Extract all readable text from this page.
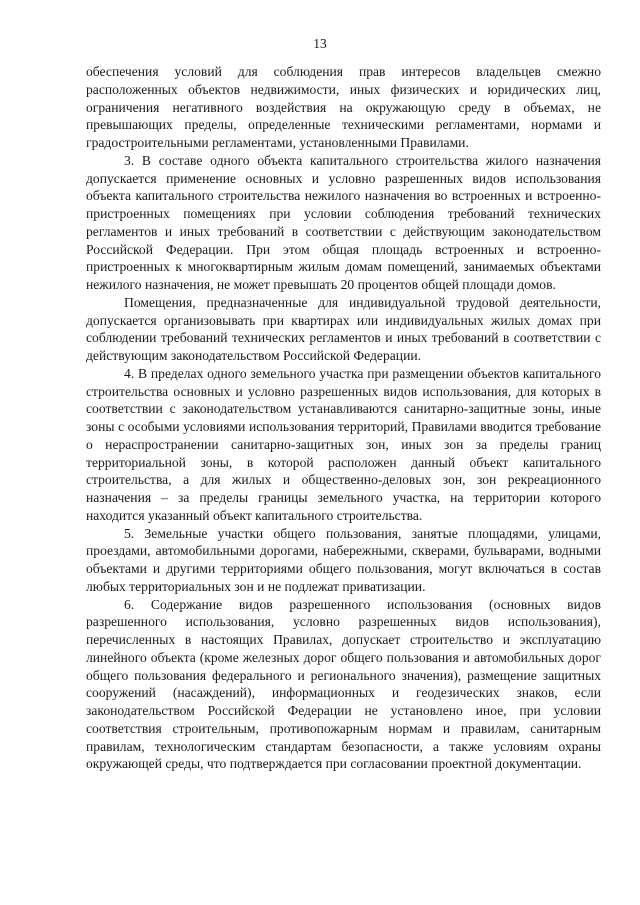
13

обеспечения условий для соблюдения прав интересов владельцев смежно расположенных объектов недвижимости, иных физических и юридических лиц, ограничения негативного воздействия на окружающую среду в объемах, не превышающих пределы, определенные техническими регламентами, нормами и градостроительными регламентами, установленными Правилами.

3. В составе одного объекта капитального строительства жилого назначения допускается применение основных и условно разрешенных видов использования объекта капитального строительства нежилого назначения во встроенных и встроенно-пристроенных помещениях при условии соблюдения требований технических регламентов и иных требований в соответствии с действующим законодательством Российской Федерации. При этом общая площадь встроенных и встроенно-пристроенных к многоквартирным жилым домам помещений, занимаемых объектами нежилого назначения, не может превышать 20 процентов общей площади домов.

Помещения, предназначенные для индивидуальной трудовой деятельности, допускается организовывать при квартирах или индивидуальных жилых домах при соблюдении требований технических регламентов и иных требований в соответствии с действующим законодательством Российской Федерации.

4. В пределах одного земельного участка при размещении объектов капитального строительства основных и условно разрешенных видов использования, для которых в соответствии с законодательством устанавливаются санитарно-защитные зоны, иные зоны с особыми условиями использования территорий, Правилами вводится требование о нераспространении санитарно-защитных зон, иных зон за пределы границ территориальной зоны, в которой расположен данный объект капитального строительства, а для жилых и общественно-деловых зон, зон рекреационного назначения – за пределы границы земельного участка, на территории которого находится указанный объект капитального строительства.

5. Земельные участки общего пользования, занятые площадями, улицами, проездами, автомобильными дорогами, набережными, скверами, бульварами, водными объектами и другими территориями общего пользования, могут включаться в состав любых территориальных зон и не подлежат приватизации.

6. Содержание видов разрешенного использования (основных видов разрешенного использования, условно разрешенных видов использования), перечисленных в настоящих Правилах, допускает строительство и эксплуатацию линейного объекта (кроме железных дорог общего пользования и автомобильных дорог общего пользования федерального и регионального значения), размещение защитных сооружений (насаждений), информационных и геодезических знаков, если законодательством Российской Федерации не установлено иное, при условии соответствия строительным, противопожарным нормам и правилам, санитарным правилам, технологическим стандартам безопасности, а также условиям охраны окружающей среды, что подтверждается при согласовании проектной документации.
